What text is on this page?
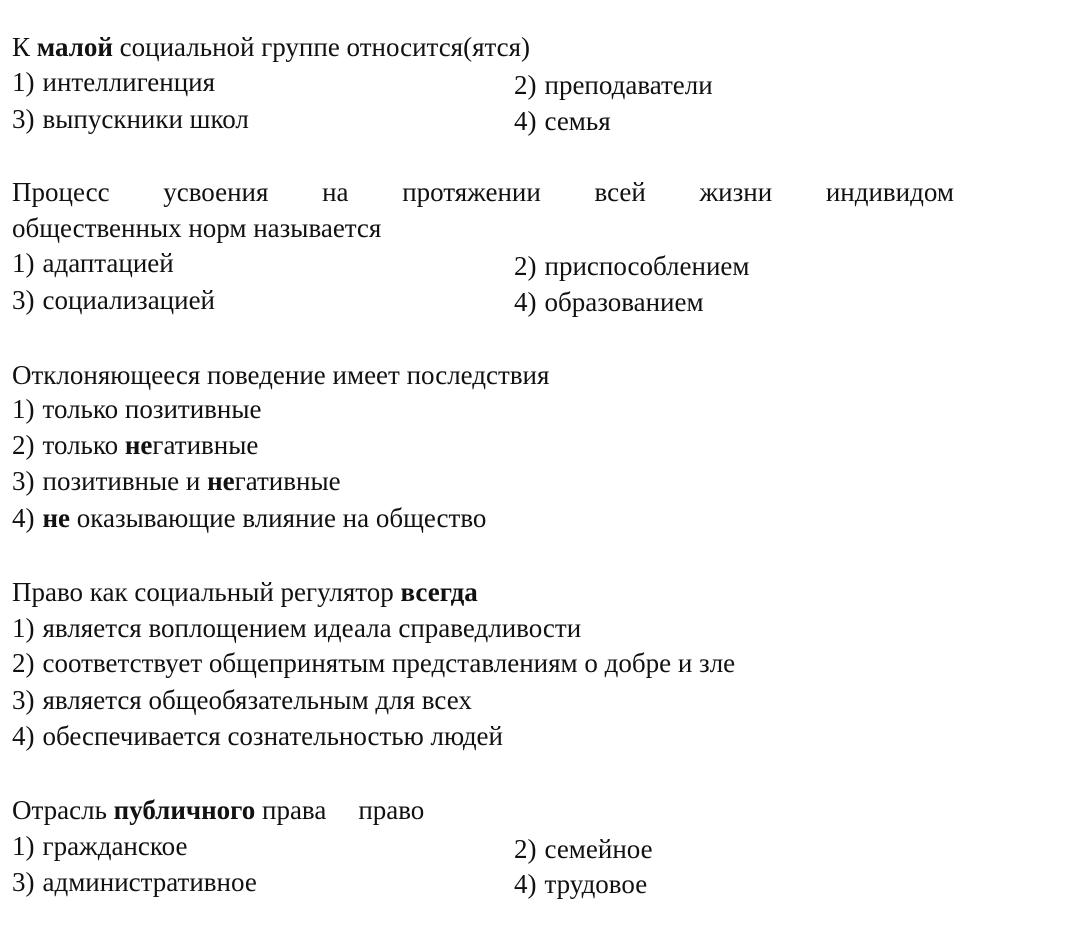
К малой социальной группе относится(ятся)
1) интеллигенция	2) преподаватели
3) выпускники школ	4) семья
Процесс усвоения на протяжении всей жизни индивидом
общественных норм называется
1) адаптацией	2) приспособлением
3) социализацией	4) образованием
Отклоняющееся поведение имеет последствия
1) только позитивные
2) только негативные
3) позитивные и негативные
4) не оказывающие влияние на общество
Право как социальный регулятор всегда
1) является воплощением идеала справедливости
2) соответствует общепринятым представлениям о добре и зле
3) является общеобязательным для всех
4) обеспечивается сознательностью людей
Отрасль публичного права право
1) гражданское	2) семейное
3) административное	4) трудовое
